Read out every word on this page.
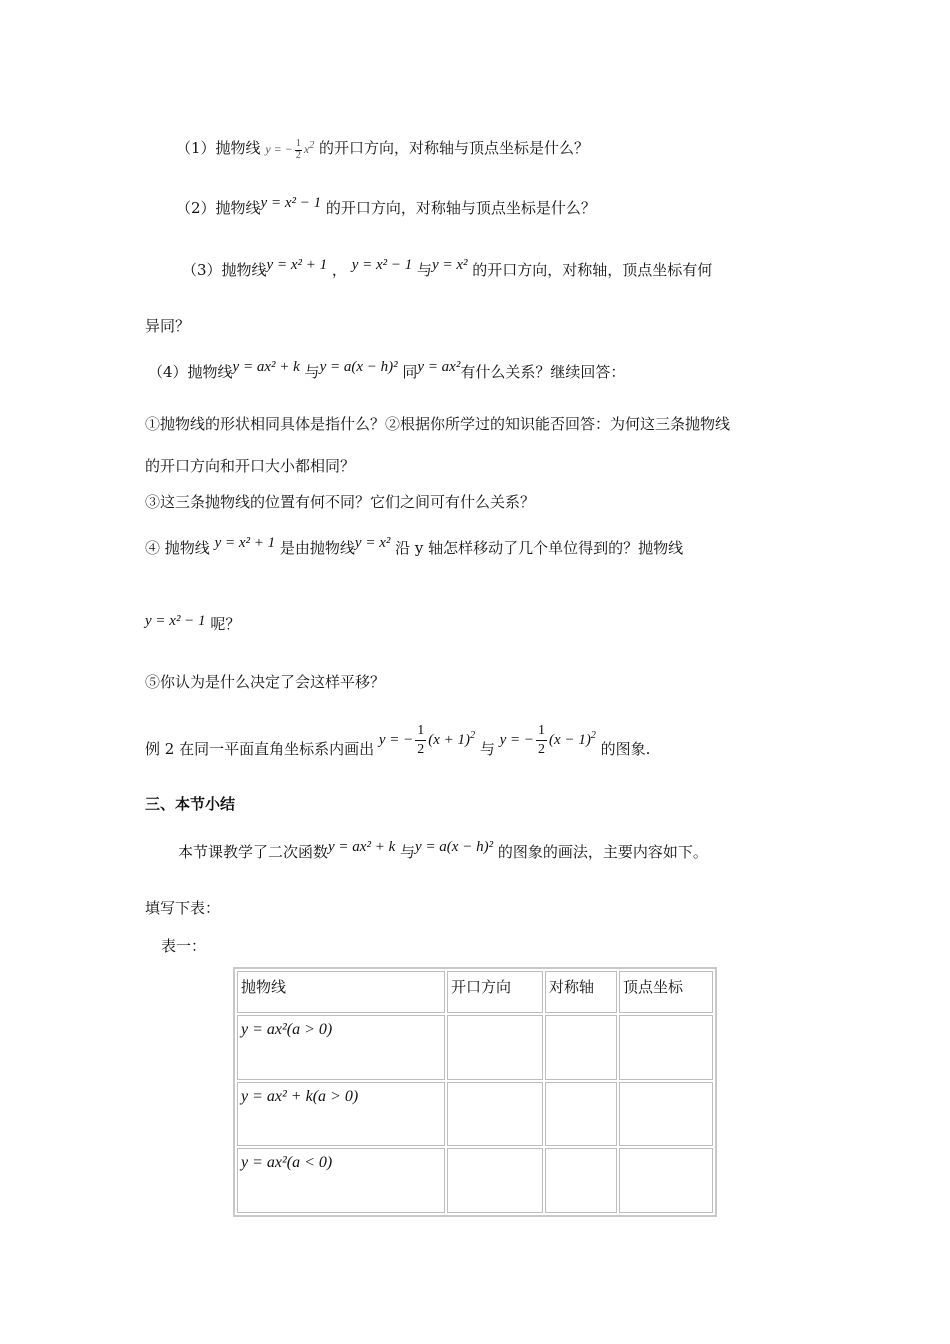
（1）抛物线 y = − $\frac{1}{2} x^2$ 的开口方向，对称轴与顶点坐标是什么？
（2）抛物线y = x² − 1 的开口方向，对称轴与顶点坐标是什么？
（3）抛物线y = x² + 1 ， y = x² − 1 与y = x² 的开口方向，对称轴，顶点坐标有何
异同？
（4）抛物线y = ax² + k 与y = a(x − h)² 同y = ax²有什么关系？继续回答：
①抛物线的形状相同具体是指什么？②根据你所学过的知识能否回答：为何这三条抛物线
的开口方向和开口大小都相同？
③这三条抛物线的位置有何不同？它们之间可有什么关系？
④ 抛物线 y = x² + 1 是由抛物线y = x² 沿 y 轴怎样移动了几个单位得到的？抛物线
y = x² − 1 呢？
⑤你认为是什么决定了会这样平移？
例 2 在同一平面直角坐标系内画出 y = − $\frac{1}{2} (x + 1)^2$ 与 y = − $\frac{1}{2} (x - 1)^2$ 的图象.
三、本节小结
本节课教学了二次函数y = ax² + k 与y = a(x − h)² 的图象的画法，主要内容如下。
填写下表：
表一：
抛物线	开口方向	对称轴	顶点坐标
y = ax²(a > 0)			
y = ax² + k(a > 0)			
y = ax²(a < 0)			
